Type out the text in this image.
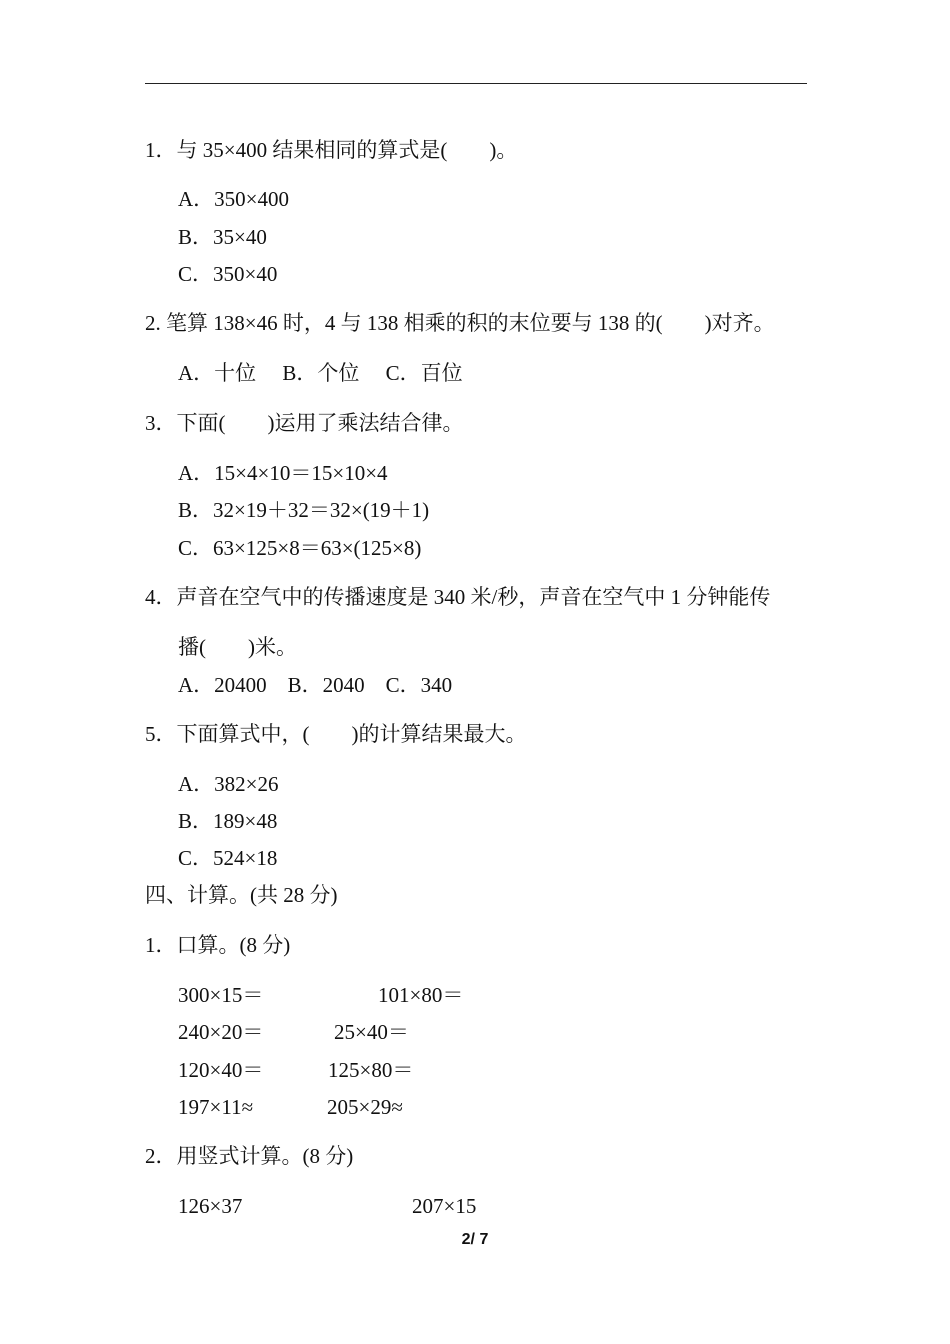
1．与 35×400 结果相同的算式是(　　)。
A．350×400
B．35×40
C．350×40
2. 笔算 138×46 时，4 与 138 相乘的积的末位要与 138 的(　　)对齐。
A．十位　 B．个位　 C．百位
3．下面(　　)运用了乘法结合律。
A．15×4×10＝15×10×4
B．32×19＋32＝32×(19＋1)
C．63×125×8＝63×(125×8)
4．声音在空气中的传播速度是 340 米/秒，声音在空气中 1 分钟能传
播(　　)米。
A．20400　B．2040　C．340
5．下面算式中，(　　)的计算结果最大。
A．382×26
B．189×48
C．524×18
四、计算。(共 28 分)
1．口算。(8 分)
300×15＝	101×80＝
240×20＝	25×40＝
120×40＝	125×80＝
197×11≈	205×29≈
2．用竖式计算。(8 分)
126×37	207×15
2/ 7
